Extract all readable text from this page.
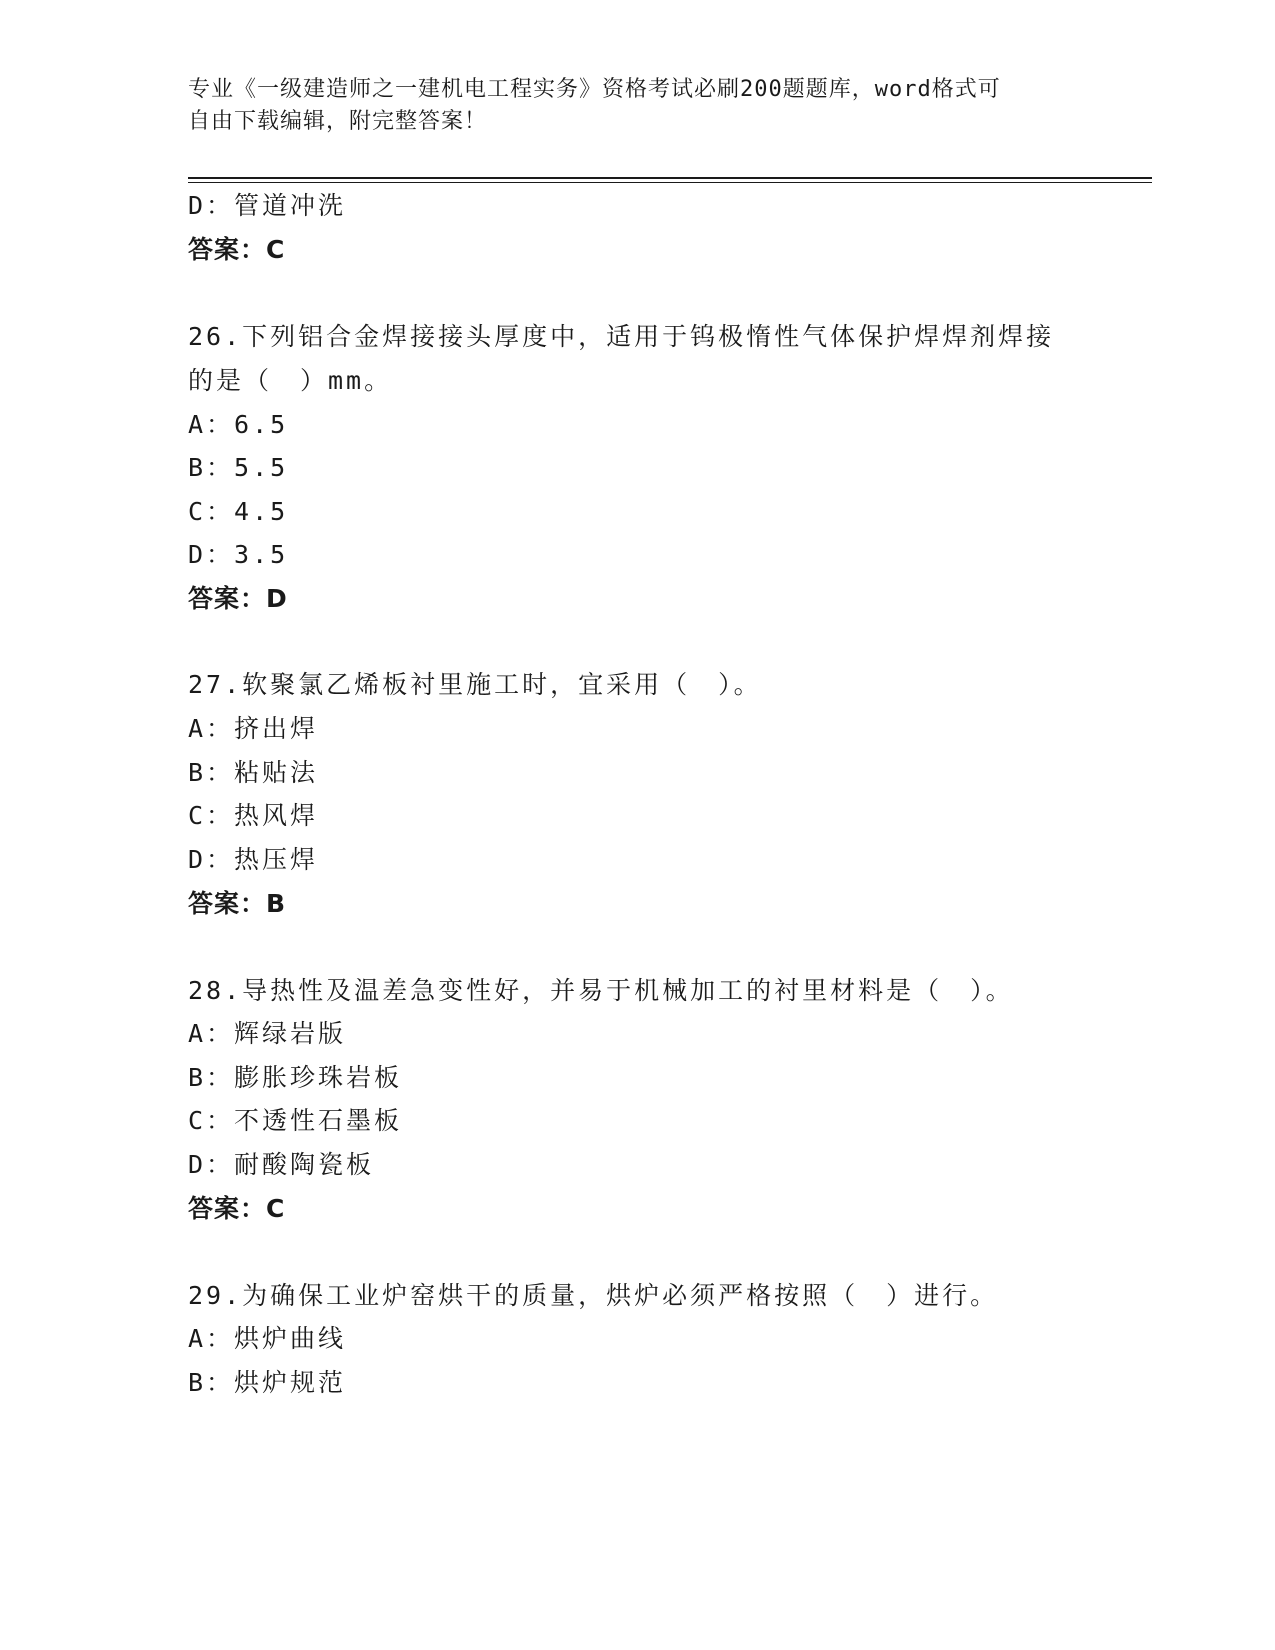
专业《一级建造师之一建机电工程实务》资格考试必刷200题题库，word格式可
自由下载编辑，附完整答案！
D：管道冲洗
答案：C
26.下列铝合金焊接接头厚度中，适用于钨极惰性气体保护焊焊剂焊接
的是（　）mm。
A：6.5
B：5.5
C：4.5
D：3.5
答案：D
27.软聚氯乙烯板衬里施工时，宜采用（　）。
A：挤出焊
B：粘贴法
C：热风焊
D：热压焊
答案：B
28.导热性及温差急变性好，并易于机械加工的衬里材料是（　）。
A：辉绿岩版
B：膨胀珍珠岩板
C：不透性石墨板
D：耐酸陶瓷板
答案：C
29.为确保工业炉窑烘干的质量，烘炉必须严格按照（　）进行。
A：烘炉曲线
B：烘炉规范
